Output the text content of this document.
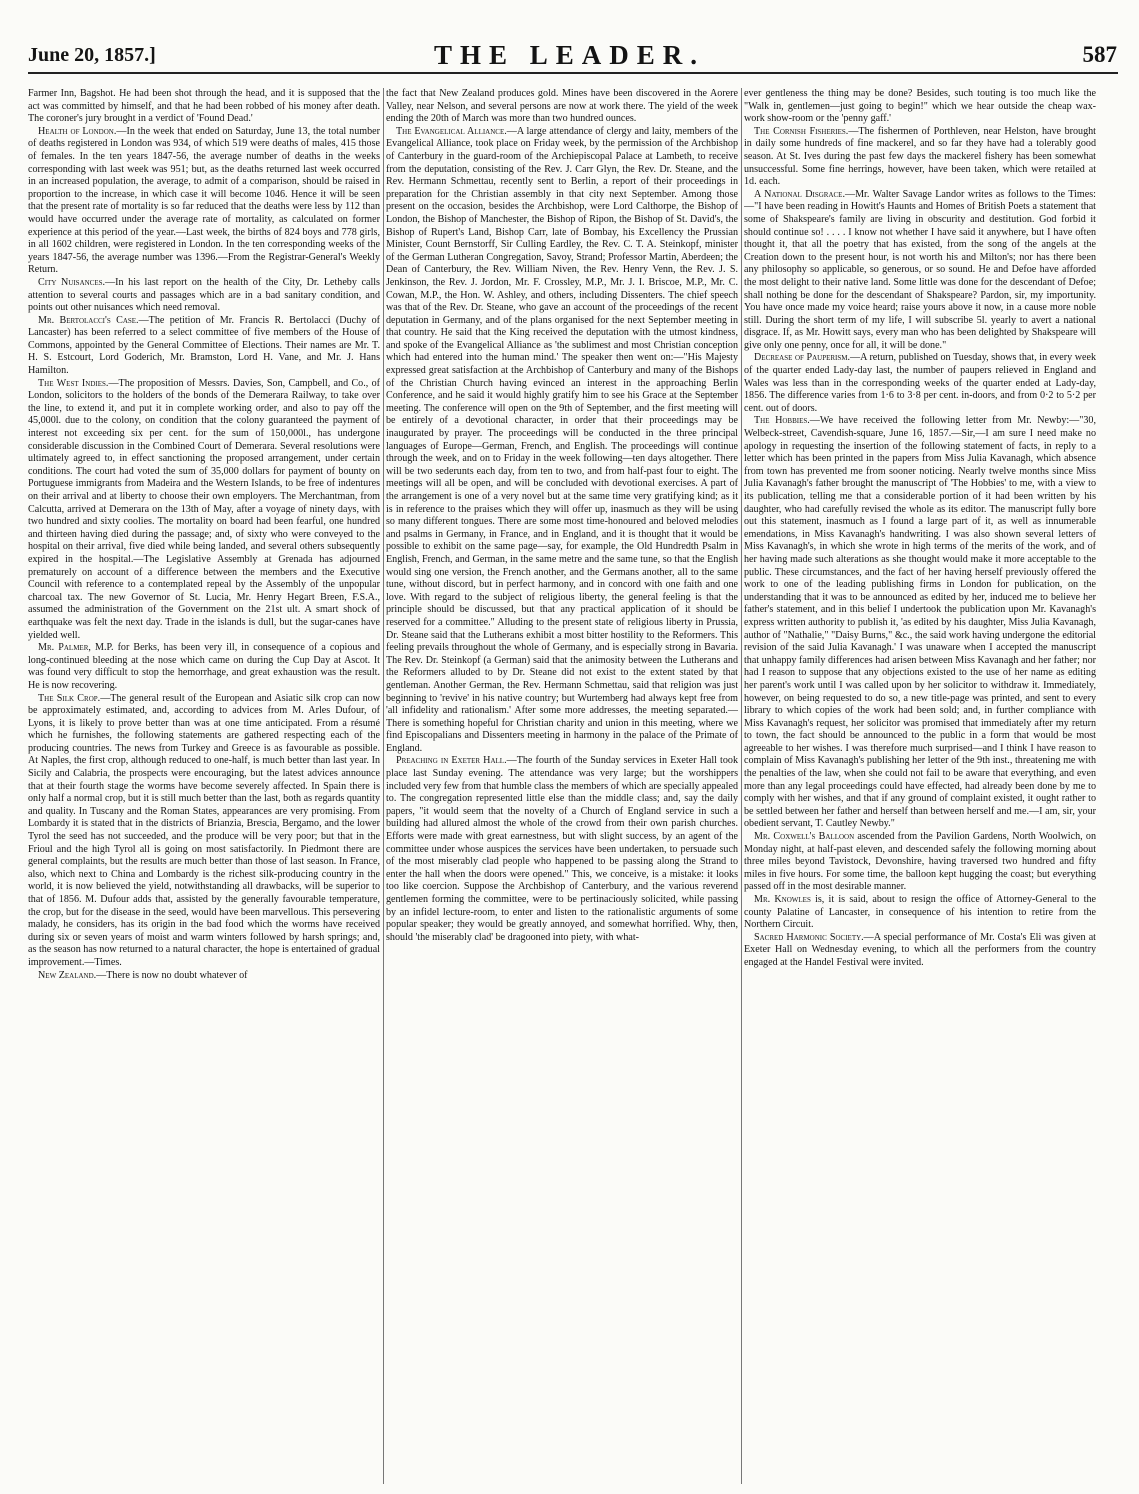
June 20, 1857.]	THE LEADER.	587

Farmer Inn, Bagshot. He had been shot through the head, and it is supposed that the act was committed by himself, and that he had been robbed of his money after death. The coroner's jury brought in a verdict of 'Found Dead.'

Health of London.—In the week that ended on Saturday, June 13, the total number of deaths registered in London was 934, of which 519 were deaths of males, 415 those of females. In the ten years 1847-56, the average number of deaths in the weeks corresponding with last week was 951; but, as the deaths returned last week occurred in an increased population, the average, to admit of a comparison, should be raised in proportion to the increase, in which case it will become 1046. Hence it will be seen that the present rate of mortality is so far reduced that the deaths were less by 112 than would have occurred under the average rate of mortality, as calculated on former experience at this period of the year.—Last week, the births of 824 boys and 778 girls, in all 1602 children, were registered in London. In the ten corresponding weeks of the years 1847-56, the average number was 1396.—From the Registrar-General's Weekly Return.

City Nuisances.—In his last report on the health of the City, Dr. Letheby calls attention to several courts and passages which are in a bad sanitary condition, and points out other nuisances which need removal.

Mr. Bertolacci's Case.—The petition of Mr. Francis R. Bertolacci (Duchy of Lancaster) has been referred to a select committee of five members of the House of Commons, appointed by the General Committee of Elections. Their names are Mr. T. H. S. Estcourt, Lord Goderich, Mr. Bramston, Lord H. Vane, and Mr. J. Hans Hamilton.

The West Indies.—The proposition of Messrs. Davies, Son, Campbell, and Co., of London, solicitors to the holders of the bonds of the Demerara Railway, to take over the line, to extend it, and put it in complete working order, and also to pay off the 45,000l. due to the colony, on condition that the colony guaranteed the payment of interest not exceeding six per cent. for the sum of 150,000l., has undergone considerable discussion in the Combined Court of Demerara. Several resolutions were ultimately agreed to, in effect sanctioning the proposed arrangement, under certain conditions. The court had voted the sum of 35,000 dollars for payment of bounty on Portuguese immigrants from Madeira and the Western Islands, to be free of indentures on their arrival and at liberty to choose their own employers. The Merchantman, from Calcutta, arrived at Demerara on the 13th of May, after a voyage of ninety days, with two hundred and sixty coolies. The mortality on board had been fearful, one hundred and thirteen having died during the passage; and, of sixty who were conveyed to the hospital on their arrival, five died while being landed, and several others subsequently expired in the hospital.—The Legislative Assembly at Grenada has adjourned prematurely on account of a difference between the members and the Executive Council with reference to a contemplated repeal by the Assembly of the unpopular charcoal tax. The new Governor of St. Lucia, Mr. Henry Hegart Breen, F.S.A., assumed the administration of the Government on the 21st ult. A smart shock of earthquake was felt the next day. Trade in the islands is dull, but the sugar-canes have yielded well.

Mr. Palmer, M.P. for Berks, has been very ill, in consequence of a copious and long-continued bleeding at the nose which came on during the Cup Day at Ascot. It was found very difficult to stop the hemorrhage, and great exhaustion was the result. He is now recovering.

The Silk Crop.—The general result of the European and Asiatic silk crop can now be approximately estimated, and, according to advices from M. Arles Dufour, of Lyons, it is likely to prove better than was at one time anticipated. From a résumé which he furnishes, the following statements are gathered respecting each of the producing countries. The news from Turkey and Greece is as favourable as possible. At Naples, the first crop, although reduced to one-half, is much better than last year. In Sicily and Calabria, the prospects were encouraging, but the latest advices announce that at their fourth stage the worms have become severely affected. In Spain there is only half a normal crop, but it is still much better than the last, both as regards quantity and quality. In Tuscany and the Roman States, appearances are very promising. From Lombardy it is stated that in the districts of Brianzia, Brescia, Bergamo, and the lower Tyrol the seed has not succeeded, and the produce will be very poor; but that in the Frioul and the high Tyrol all is going on most satisfactorily. In Piedmont there are general complaints, but the results are much better than those of last season. In France, also, which next to China and Lombardy is the richest silk-producing country in the world, it is now believed the yield, notwithstanding all drawbacks, will be superior to that of 1856. M. Dufour adds that, assisted by the generally favourable temperature, the crop, but for the disease in the seed, would have been marvellous. This persevering malady, he considers, has its origin in the bad food which the worms have received during six or seven years of moist and warm winters followed by harsh springs; and, as the season has now returned to a natural character, the hope is entertained of gradual improvement.—Times.

New Zealand.—There is now no doubt whatever of

the fact that New Zealand produces gold. Mines have been discovered in the Aorere Valley, near Nelson, and several persons are now at work there. The yield of the week ending the 20th of March was more than two hundred ounces.

The Evangelical Alliance.—A large attendance of clergy and laity, members of the Evangelical Alliance, took place on Friday week, by the permission of the Archbishop of Canterbury in the guard-room of the Archiepiscopal Palace at Lambeth, to receive from the deputation, consisting of the Rev. J. Carr Glyn, the Rev. Dr. Steane, and the Rev. Hermann Schmettau, recently sent to Berlin, a report of their proceedings in preparation for the Christian assembly in that city next September. Among those present on the occasion, besides the Archbishop, were Lord Calthorpe, the Bishop of London, the Bishop of Manchester, the Bishop of Ripon, the Bishop of St. David's, the Bishop of Rupert's Land, Bishop Carr, late of Bombay, his Excellency the Prussian Minister, Count Bernstorff, Sir Culling Eardley, the Rev. C. T. A. Steinkopf, minister of the German Lutheran Congregation, Savoy, Strand; Professor Martin, Aberdeen; the Dean of Canterbury, the Rev. William Niven, the Rev. Henry Venn, the Rev. J. S. Jenkinson, the Rev. J. Jordon, Mr. F. Crossley, M.P., Mr. J. I. Briscoe, M.P., Mr. C. Cowan, M.P., the Hon. W. Ashley, and others, including Dissenters. The chief speech was that of the Rev. Dr. Steane, who gave an account of the proceedings of the recent deputation in Germany, and of the plans organised for the next September meeting in that country. He said that the King received the deputation with the utmost kindness, and spoke of the Evangelical Alliance as 'the sublimest and most Christian conception which had entered into the human mind.' The speaker then went on:—"His Majesty expressed great satisfaction at the Archbishop of Canterbury and many of the Bishops of the Christian Church having evinced an interest in the approaching Berlin Conference, and he said it would highly gratify him to see his Grace at the September meeting. The conference will open on the 9th of September, and the first meeting will be entirely of a devotional character, in order that their proceedings may be inaugurated by prayer. The proceedings will be conducted in the three principal languages of Europe—German, French, and English. The proceedings will continue through the week, and on to Friday in the week following—ten days altogether. There will be two sederunts each day, from ten to two, and from half-past four to eight. The meetings will all be open, and will be concluded with devotional exercises. A part of the arrangement is one of a very novel but at the same time very gratifying kind; as it is in reference to the praises which they will offer up, inasmuch as they will be using so many different tongues. There are some most time-honoured and beloved melodies and psalms in Germany, in France, and in England, and it is thought that it would be possible to exhibit on the same page—say, for example, the Old Hundredth Psalm in English, French, and German, in the same metre and the same tune, so that the English would sing one version, the French another, and the Germans another, all to the same tune, without discord, but in perfect harmony, and in concord with one faith and one love. With regard to the subject of religious liberty, the general feeling is that the principle should be discussed, but that any practical application of it should be reserved for a committee." Alluding to the present state of religious liberty in Prussia, Dr. Steane said that the Lutherans exhibit a most bitter hostility to the Reformers. This feeling prevails throughout the whole of Germany, and is especially strong in Bavaria. The Rev. Dr. Steinkopf (a German) said that the animosity between the Lutherans and the Reformers alluded to by Dr. Steane did not exist to the extent stated by that gentleman. Another German, the Rev. Hermann Schmettau, said that religion was just beginning to 'revive' in his native country; but Wurtemberg had always kept free from 'all infidelity and rationalism.' After some more addresses, the meeting separated.—There is something hopeful for Christian charity and union in this meeting, where we find Episcopalians and Dissenters meeting in harmony in the palace of the Primate of England.

Preaching in Exeter Hall.—The fourth of the Sunday services in Exeter Hall took place last Sunday evening. The attendance was very large; but the worshippers included very few from that humble class the members of which are specially appealed to. The congregation represented little else than the middle class; and, say the daily papers, "it would seem that the novelty of a Church of England service in such a building had allured almost the whole of the crowd from their own parish churches. Efforts were made with great earnestness, but with slight success, by an agent of the committee under whose auspices the services have been undertaken, to persuade such of the most miserably clad people who happened to be passing along the Strand to enter the hall when the doors were opened." This, we conceive, is a mistake: it looks too like coercion. Suppose the Archbishop of Canterbury, and the various reverend gentlemen forming the committee, were to be pertinaciously solicited, while passing by an infidel lecture-room, to enter and listen to the rationalistic arguments of some popular speaker; they would be greatly annoyed, and somewhat horrified. Why, then, should 'the miserably clad' be dragooned into piety, with what-

ever gentleness the thing may be done? Besides, such touting is too much like the "Walk in, gentlemen—just going to begin!" which we hear outside the cheap wax-work show-room or the 'penny gaff.'

The Cornish Fisheries.—The fishermen of Porthleven, near Helston, have brought in daily some hundreds of fine mackerel, and so far they have had a tolerably good season. At St. Ives during the past few days the mackerel fishery has been somewhat unsuccessful. Some fine herrings, however, have been taken, which were retailed at 1d. each.

A National Disgrace.—Mr. Walter Savage Landor writes as follows to the Times:—"I have been reading in Howitt's Haunts and Homes of British Poets a statement that some of Shakspeare's family are living in obscurity and destitution. God forbid it should continue so! . . . . I know not whether I have said it anywhere, but I have often thought it, that all the poetry that has existed, from the song of the angels at the Creation down to the present hour, is not worth his and Milton's; nor has there been any philosophy so applicable, so generous, or so sound. He and Defoe have afforded the most delight to their native land. Some little was done for the descendant of Defoe; shall nothing be done for the descendant of Shakspeare? Pardon, sir, my importunity. You have once made my voice heard; raise yours above it now, in a cause more noble still. During the short term of my life, I will subscribe 5l. yearly to avert a national disgrace. If, as Mr. Howitt says, every man who has been delighted by Shakspeare will give only one penny, once for all, it will be done."

Decrease of Pauperism.—A return, published on Tuesday, shows that, in every week of the quarter ended Lady-day last, the number of paupers relieved in England and Wales was less than in the corresponding weeks of the quarter ended at Lady-day, 1856. The difference varies from 1·6 to 3·8 per cent. in-doors, and from 0·2 to 5·2 per cent. out of doors.

The Hobbies.—We have received the following letter from Mr. Newby:—"30, Welbeck-street, Cavendish-square, June 16, 1857.—Sir,—I am sure I need make no apology in requesting the insertion of the following statement of facts, in reply to a letter which has been printed in the papers from Miss Julia Kavanagh, which absence from town has prevented me from sooner noticing. Nearly twelve months since Miss Julia Kavanagh's father brought the manuscript of 'The Hobbies' to me, with a view to its publication, telling me that a considerable portion of it had been written by his daughter, who had carefully revised the whole as its editor. The manuscript fully bore out this statement, inasmuch as I found a large part of it, as well as innumerable emendations, in Miss Kavanagh's handwriting. I was also shown several letters of Miss Kavanagh's, in which she wrote in high terms of the merits of the work, and of her having made such alterations as she thought would make it more acceptable to the public. These circumstances, and the fact of her having herself previously offered the work to one of the leading publishing firms in London for publication, on the understanding that it was to be announced as edited by her, induced me to believe her father's statement, and in this belief I undertook the publication upon Mr. Kavanagh's express written authority to publish it, 'as edited by his daughter, Miss Julia Kavanagh, author of "Nathalie," "Daisy Burns," &c., the said work having undergone the editorial revision of the said Julia Kavanagh.' I was unaware when I accepted the manuscript that unhappy family differences had arisen between Miss Kavanagh and her father; nor had I reason to suppose that any objections existed to the use of her name as editing her parent's work until I was called upon by her solicitor to withdraw it. Immediately, however, on being requested to do so, a new title-page was printed, and sent to every library to which copies of the work had been sold; and, in further compliance with Miss Kavanagh's request, her solicitor was promised that immediately after my return to town, the fact should be announced to the public in a form that would be most agreeable to her wishes. I was therefore much surprised—and I think I have reason to complain of Miss Kavanagh's publishing her letter of the 9th inst., threatening me with the penalties of the law, when she could not fail to be aware that everything, and even more than any legal proceedings could have effected, had already been done by me to comply with her wishes, and that if any ground of complaint existed, it ought rather to be settled between her father and herself than between herself and me.—I am, sir, your obedient servant, T. Cautley Newby."

Mr. Coxwell's Balloon ascended from the Pavilion Gardens, North Woolwich, on Monday night, at half-past eleven, and descended safely the following morning about three miles beyond Tavistock, Devonshire, having traversed two hundred and fifty miles in five hours. For some time, the balloon kept hugging the coast; but everything passed off in the most desirable manner.

Mr. Knowles is, it is said, about to resign the office of Attorney-General to the county Palatine of Lancaster, in consequence of his intention to retire from the Northern Circuit.

Sacred Harmonic Society.—A special performance of Mr. Costa's Eli was given at Exeter Hall on Wednesday evening, to which all the performers from the country engaged at the Handel Festival were invited.
